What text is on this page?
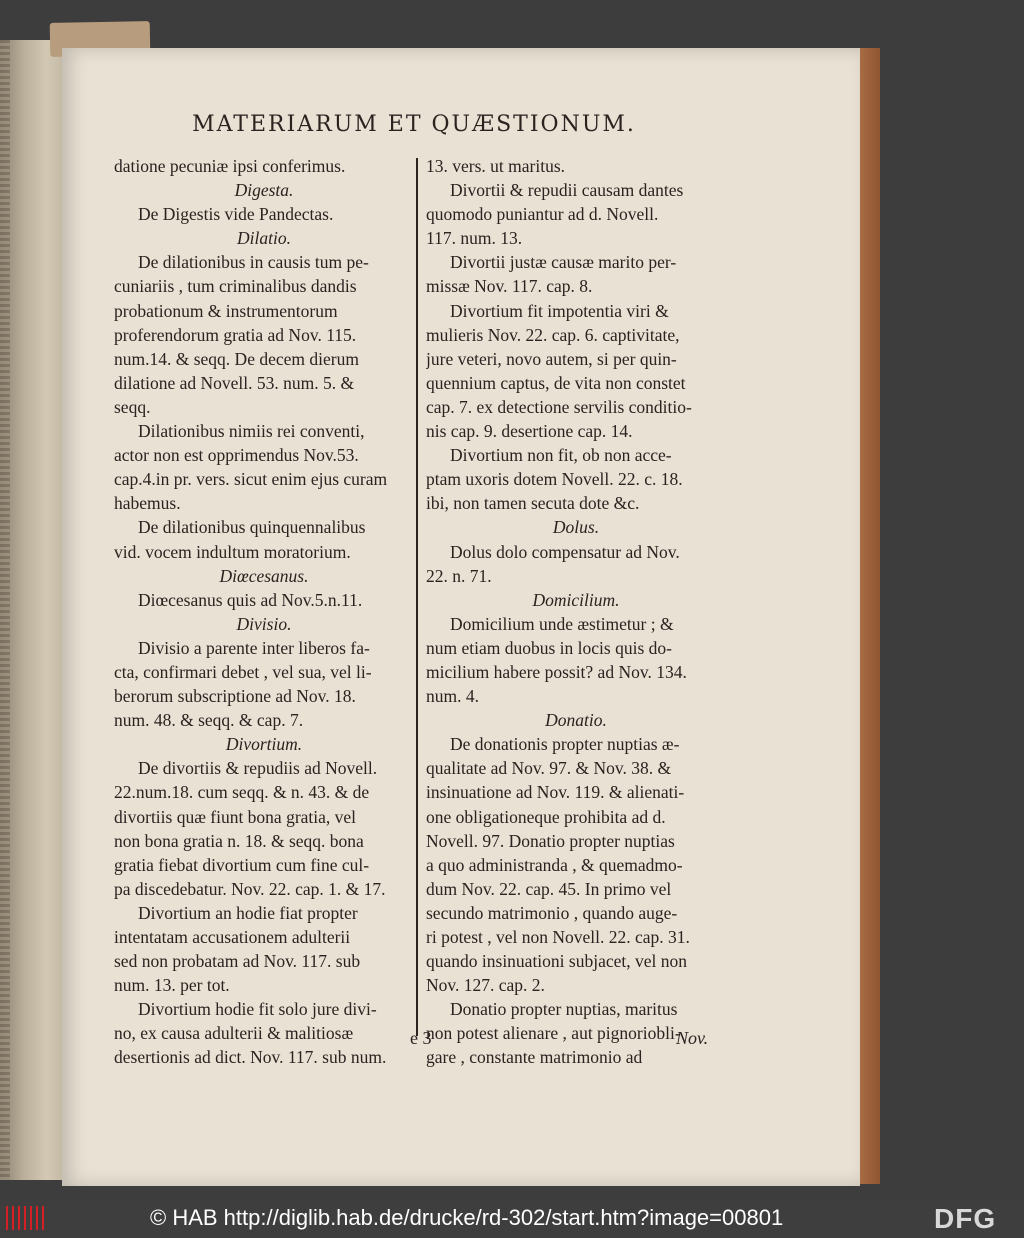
MATERIARUM ET QUÆSTIONUM.
datione pecuniæ ipsi conferimus.
Digesta.
De Digestis vide Pandectas.
Dilatio.
De dilationibus in causis tum pe-
cuniariis , tum criminalibus dandis
probationum & instrumentorum
proferendorum gratia ad Nov. 115.
num.14. & seqq. De decem dierum
dilatione ad Novell. 53. num. 5. &
seqq.
Dilationibus nimiis rei conventi,
actor non est opprimendus Nov.53.
cap.4.in pr. vers. sicut enim ejus curam
habemus.
De dilationibus quinquennalibus
vid. vocem indultum moratorium.
Diœcesanus.
Diœcesanus quis ad Nov.5.n.11.
Divisio.
Divisio a parente inter liberos fa-
cta, confirmari debet , vel sua, vel li-
berorum subscriptione ad Nov. 18.
num. 48. & seqq. & cap. 7.
Divortium.
De divortiis & repudiis ad Novell.
22.num.18. cum seqq. & n. 43. & de
divortiis quæ fiunt bona gratia, vel
non bona gratia n. 18. & seqq. bona
gratia fiebat divortium cum fine cul-
pa discedebatur. Nov. 22. cap. 1. & 17.
Divortium an hodie fiat propter
intentatam accusationem adulterii
sed non probatam ad Nov. 117. sub
num. 13. per tot.
Divortium hodie fit solo jure divi-
no, ex causa adulterii & malitiosæ
desertionis ad dict. Nov. 117. sub num.
13. vers. ut maritus.
Divortii & repudii causam dantes
quomodo puniantur ad d. Novell.
117. num. 13.
Divortii justæ causæ marito per-
missæ Nov. 117. cap. 8.
Divortium fit impotentia viri &
mulieris Nov. 22. cap. 6. captivitate,
jure veteri, novo autem, si per quin-
quennium captus, de vita non constet
cap. 7. ex detectione servilis conditio-
nis cap. 9. desertione cap. 14.
Divortium non fit, ob non acce-
ptam uxoris dotem Novell. 22. c. 18.
ibi, non tamen secuta dote &c.
Dolus.
Dolus dolo compensatur ad Nov.
22. n. 71.
Domicilium.
Domicilium unde æstimetur ; &
num etiam duobus in locis quis do-
micilium habere possit? ad Nov. 134.
num. 4.
Donatio.
De donationis propter nuptias æ-
qualitate ad Nov. 97. & Nov. 38. &
insinuatione ad Nov. 119. & alienati-
one obligationeque prohibita ad d.
Novell. 97. Donatio propter nuptias
a quo administranda , & quemadmo-
dum Nov. 22. cap. 45. In primo vel
secundo matrimonio , quando auge-
ri potest , vel non Novell. 22. cap. 31.
quando insinuationi subjacet, vel non
Nov. 127. cap. 2.
Donatio propter nuptias, maritus
non potest alienare , aut pignoriobli-
gare , constante matrimonio ad
e 3	Nov.
© HAB http://diglib.hab.de/drucke/rd-302/start.htm?image=00801	DFG
